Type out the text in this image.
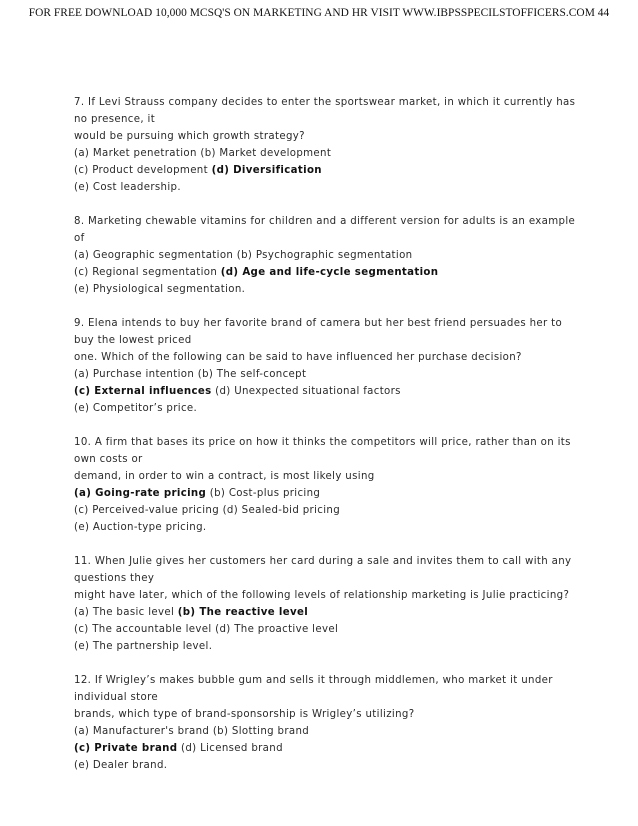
FOR FREE DOWNLOAD 10,000 MCSQ'S ON MARKETING AND HR VISIT WWW.IBPSSPECILSTOFFICERS.COM 44
7. If Levi Strauss company decides to enter the sportswear market, in which it currently has
no presence, it
would be pursuing which growth strategy?
(a) Market penetration (b) Market development
(c) Product development (d) Diversification
(e) Cost leadership.
8. Marketing chewable vitamins for children and a different version for adults is an example
of
(a) Geographic segmentation (b) Psychographic segmentation
(c) Regional segmentation (d) Age and life-cycle segmentation
(e) Physiological segmentation.
9. Elena intends to buy her favorite brand of camera but her best friend persuades her to
buy the lowest priced
one. Which of the following can be said to have influenced her purchase decision?
(a) Purchase intention (b) The self-concept
(c) External influences (d) Unexpected situational factors
(e) Competitor’s price.
10. A firm that bases its price on how it thinks the competitors will price, rather than on its
own costs or
demand, in order to win a contract, is most likely using
(a) Going-rate pricing (b) Cost-plus pricing
(c) Perceived-value pricing (d) Sealed-bid pricing
(e) Auction-type pricing.
11. When Julie gives her customers her card during a sale and invites them to call with any
questions they
might have later, which of the following levels of relationship marketing is Julie practicing?
(a) The basic level (b) The reactive level
(c) The accountable level (d) The proactive level
(e) The partnership level.
12. If Wrigley’s makes bubble gum and sells it through middlemen, who market it under
individual store
brands, which type of brand-sponsorship is Wrigley’s utilizing?
(a) Manufacturer's brand (b) Slotting brand
(c) Private brand (d) Licensed brand
(e) Dealer brand.
